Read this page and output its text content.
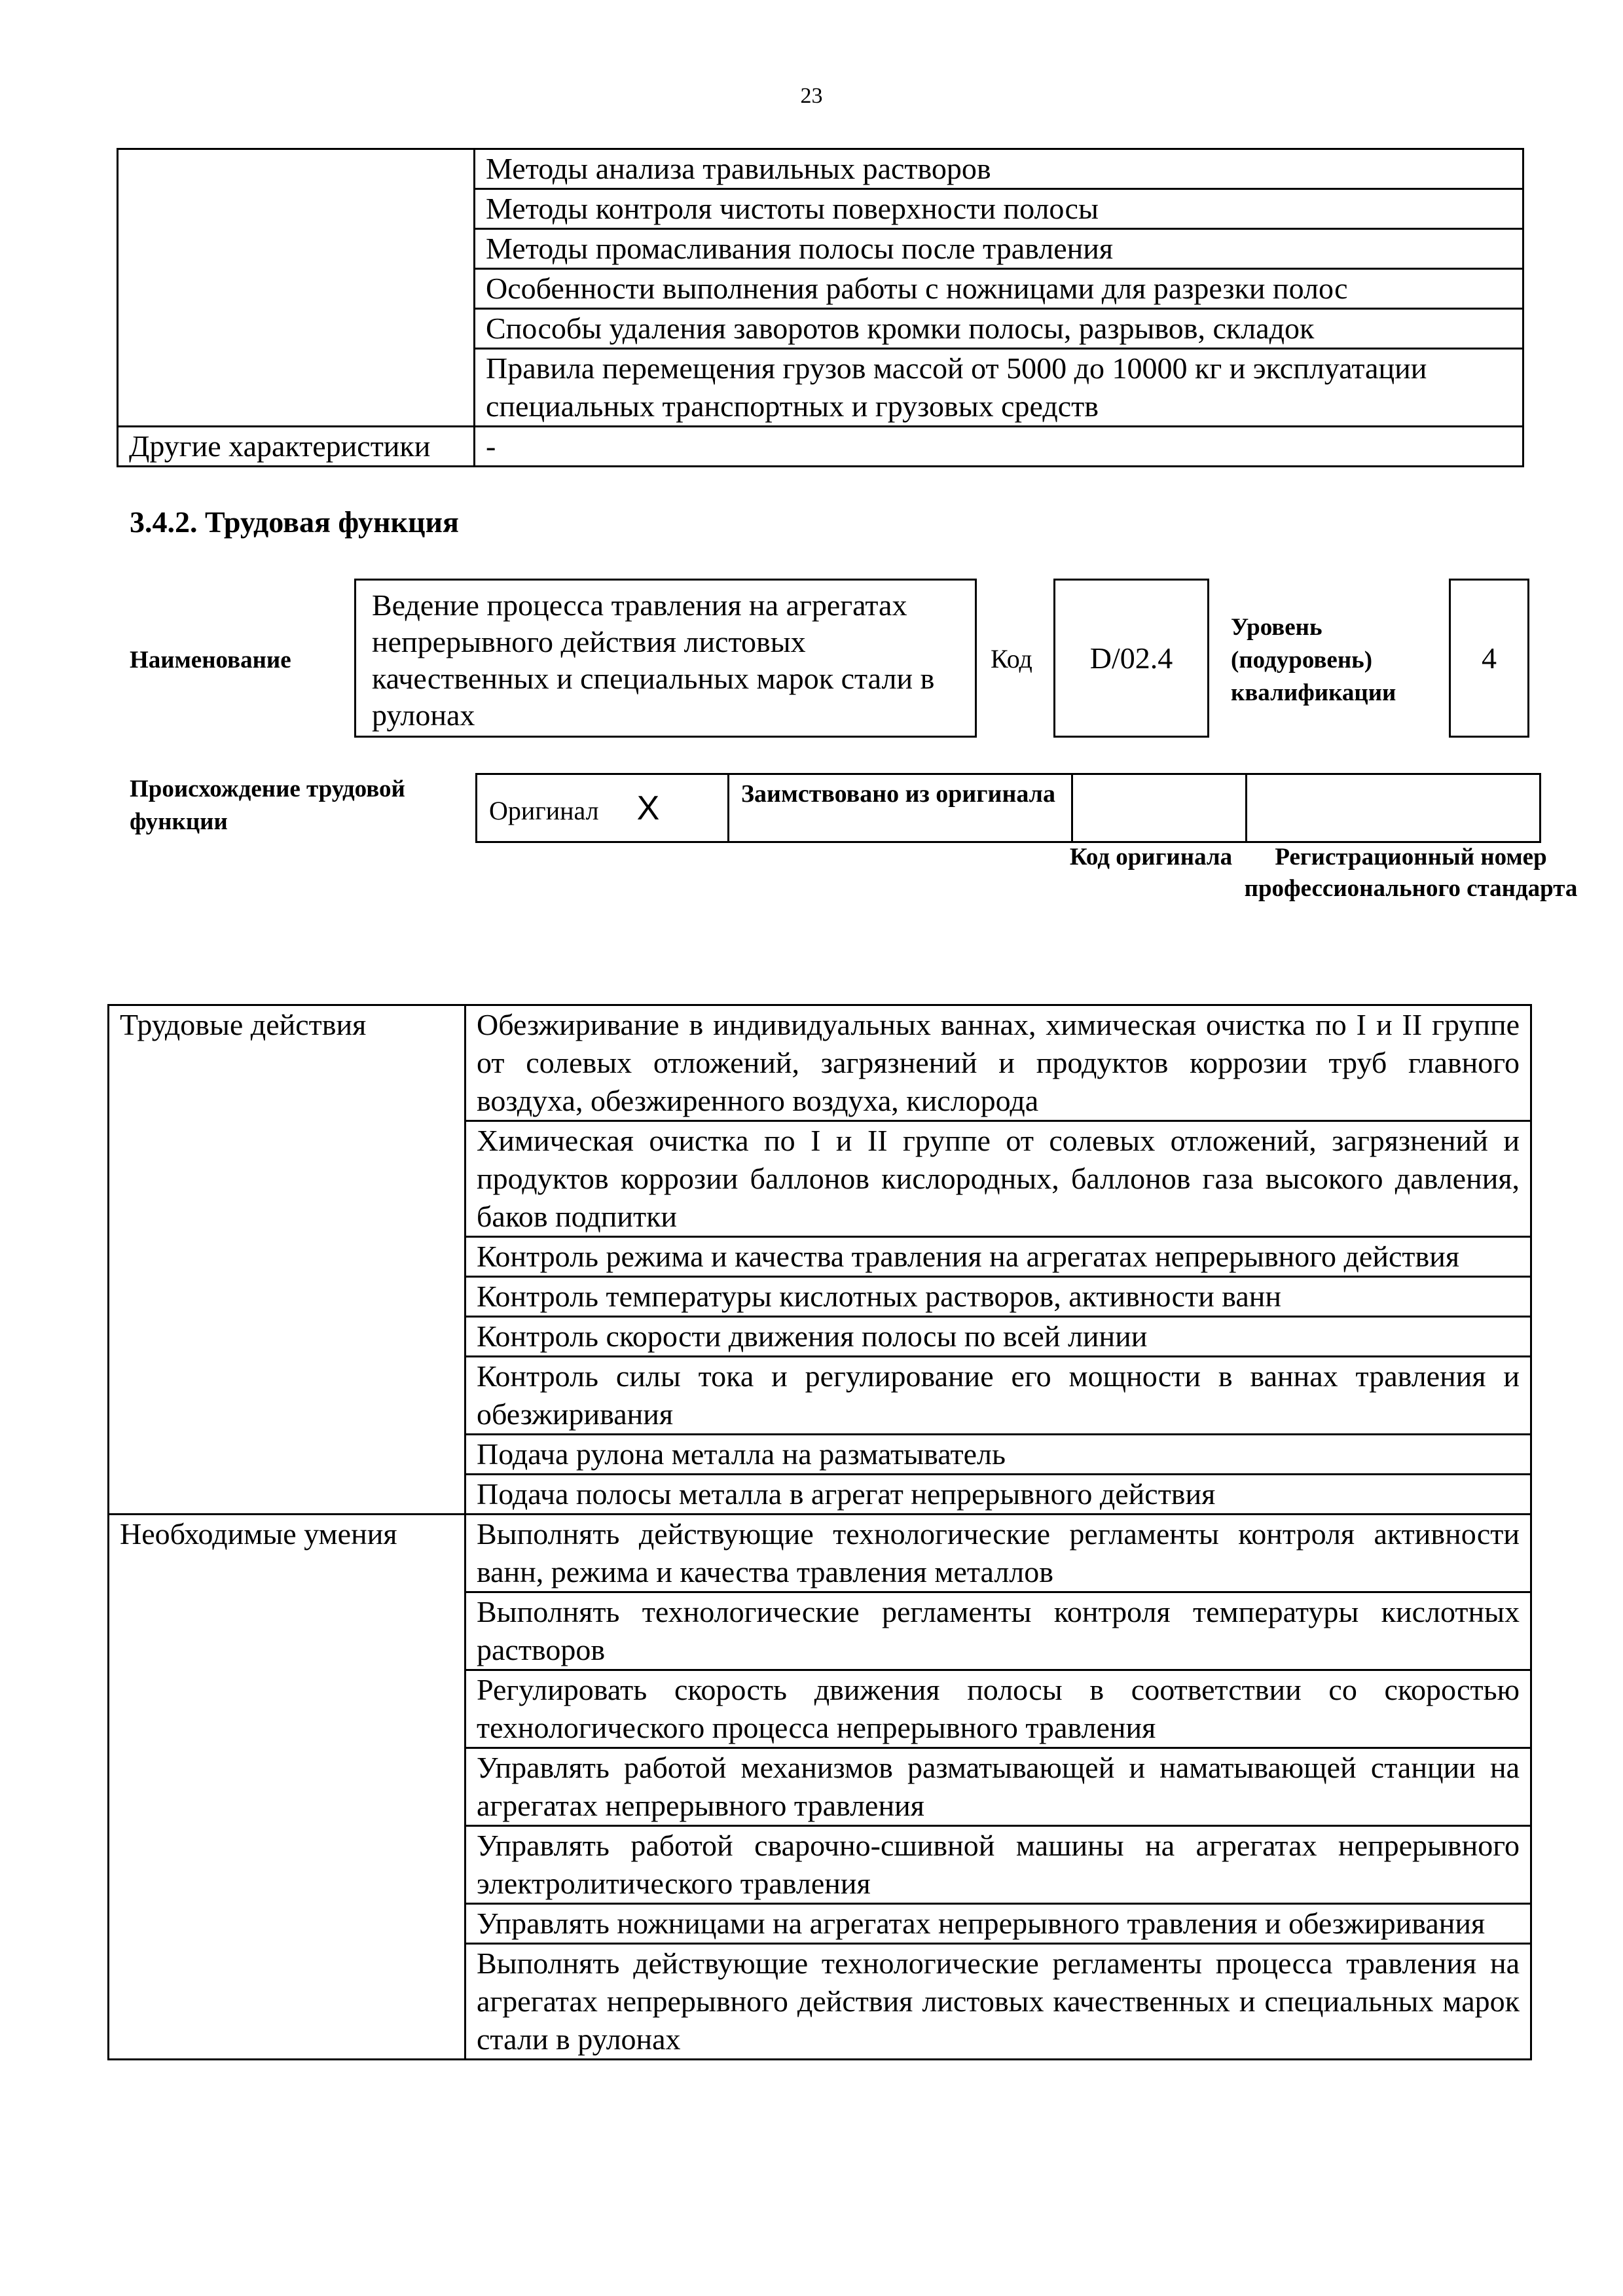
23
	Методы анализа травильных растворов
	Методы контроля чистоты поверхности полосы
	Методы промасливания полосы после травления
	Особенности выполнения работы с ножницами для разрезки полос
	Способы удаления заворотов кромки полосы, разрывов, складок
	Правила перемещения грузов массой от 5000 до 10000 кг и эксплуатации специальных транспортных и грузовых средств
Другие характеристики	-
3.4.2. Трудовая функция
Наименование
Ведение процесса травления на агрегатах непрерывного действия листовых качественных и специальных марок стали в рулонах
Код	D/02.4
Уровень (подуровень) квалификации
4
Происхождение трудовой функции	Оригинал X	Заимствовано из оригинала		
Код оригинала	Регистрационный номер профессионального стандарта
Трудовые действия	Обезжиривание в индивидуальных ваннах, химическая очистка по I и II группе от солевых отложений, загрязнений и продуктов коррозии труб главного воздуха, обезжиренного воздуха, кислорода
	Химическая очистка по I и II группе от солевых отложений, загрязнений и продуктов коррозии баллонов кислородных, баллонов газа высокого давления, баков подпитки
	Контроль режима и качества травления на агрегатах непрерывного действия
	Контроль температуры кислотных растворов, активности ванн
	Контроль скорости движения полосы по всей линии
	Контроль силы тока и регулирование его мощности в ваннах травления и обезжиривания
	Подача рулона металла на разматыватель
	Подача полосы металла в агрегат непрерывного действия
Необходимые умения	Выполнять действующие технологические регламенты контроля активности ванн, режима и качества травления металлов
	Выполнять технологические регламенты контроля температуры кислотных растворов
	Регулировать скорость движения полосы в соответствии со скоростью технологического процесса непрерывного травления
	Управлять работой механизмов разматывающей и наматывающей станции на агрегатах непрерывного травления
	Управлять работой сварочно-сшивной машины на агрегатах непрерывного электролитического травления
	Управлять ножницами на агрегатах непрерывного травления и обезжиривания
	Выполнять действующие технологические регламенты процесса травления на агрегатах непрерывного действия листовых качественных и специальных марок стали в рулонах
